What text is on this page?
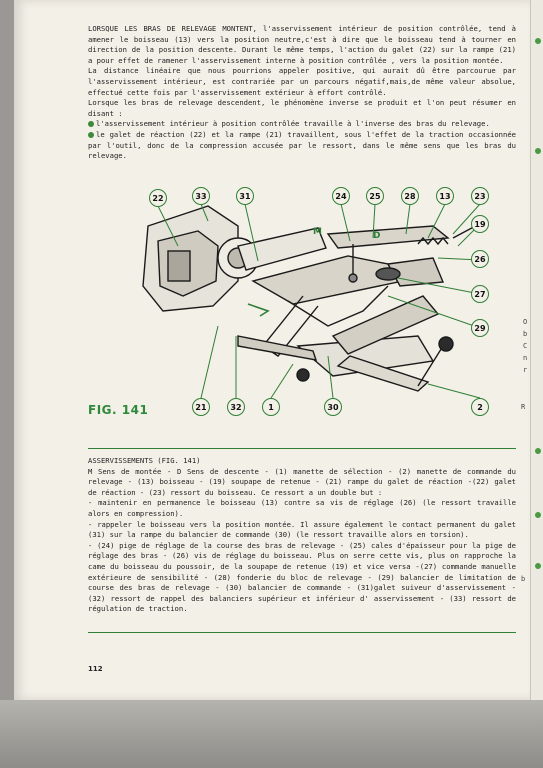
O
b
C
n
r
R
b

LORSQUE LES BRAS DE RELEVAGE MONTENT, l'asservissement intérieur de position contrôlée, tend à amener le boisseau (13) vers la position neutre,c'est à dire que le boisseau tend à tourner en direction de la position descente. Durant le même temps, l'action du galet (22) sur la rampe (21) a pour effet de ramener l'asservissement interne à position contrôlée , vers la position montée.

La distance linéaire que nous pourrions appeler positive, qui aurait dû être parcourue par l'asservissement intérieur, est contrariée par un parcours négatif,mais,de même valeur absolue, effectué cette fois par l'asservissement extérieur à effort contrôlé.

Lorsque les bras de relevage descendent, le phénomène inverse se produit et l'on peut résumer en disant :

l'asservissement intérieur à position contrôlée travaille à l'inverse des bras du relevage.

le galet de réaction (22) et la rampe (21) travaillent, sous l'effet de la traction occasionnée par l'outil, donc de la compression accusée par le ressort, dans le même sens que les bras du relevage.

M	D
22	33	31	24	25	28	13	23
19
26
27
29
21	32	1	30	2
FIG. 141

ASSERVISSEMENTS (FIG. 141)

M Sens de montée - D Sens de descente - (1) manette de sélection - (2) manette de commande du relevage - (13) boisseau - (19) soupape de retenue - (21) rampe du galet de réaction -(22) galet de réaction - (23) ressort du boisseau. Ce ressort a un double but :

- maintenir en permanence le boisseau (13) contre sa vis de réglage (26) (le ressort travaille alors en compression).

- rappeler le boisseau vers la position montée. Il assure également le contact permanent du galet (31) sur la rampe du balancier de commande (30) (le ressort travaille alors en torsion).

- (24) pige de réglage de la course des bras de relevage - (25) cales d'épaisseur pour la pige de réglage des bras - (26) vis de réglage du boisseau. Plus on serre cette vis, plus on rapproche la came du boisseau du poussoir, de la soupape de retenue (19) et vice versa -(27) commande manuelle extérieure de sensibilité - (28) fonderie du bloc de relevage - (29) balancier de limitation de course des bras de relevage - (30) balancier de commande - (31)galet suiveur d'asservissement - (32) ressort de rappel des balanciers supérieur et inférieur d' asservissement - (33) ressort de régulation de traction.

112
